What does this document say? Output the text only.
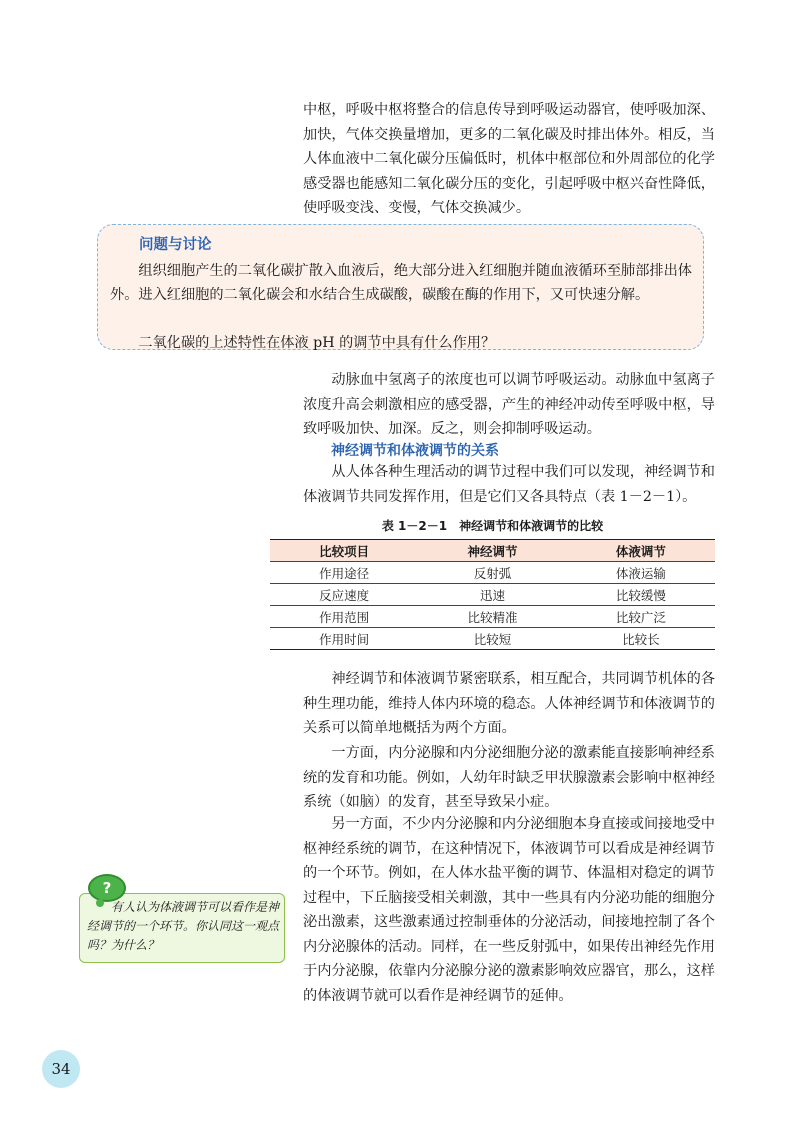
中枢，呼吸中枢将整合的信息传导到呼吸运动器官，使呼吸加深、加快，气体交换量增加，更多的二氧化碳及时排出体外。相反，当人体血液中二氧化碳分压偏低时，机体中枢部位和外周部位的化学感受器也能感知二氧化碳分压的变化，引起呼吸中枢兴奋性降低，使呼吸变浅、变慢，气体交换减少。

问题与讨论

组织细胞产生的二氧化碳扩散入血液后，绝大部分进入红细胞并随血液循环至肺部排出体外。进入红细胞的二氧化碳会和水结合生成碳酸，碳酸在酶的作用下，又可快速分解。

二氧化碳的上述特性在体液 pH 的调节中具有什么作用？

动脉血中氢离子的浓度也可以调节呼吸运动。动脉血中氢离子浓度升高会刺激相应的感受器，产生的神经冲动传至呼吸中枢，导致呼吸加快、加深。反之，则会抑制呼吸运动。

神经调节和体液调节的关系

从人体各种生理活动的调节过程中我们可以发现，神经调节和体液调节共同发挥作用，但是它们又各具特点（表 1－2－1）。

表 1－2－1　神经调节和体液调节的比较

比较项目	神经调节	体液调节
作用途径	反射弧	体液运输
反应速度	迅速	比较缓慢
作用范围	比较精准	比较广泛
作用时间	比较短	比较长

神经调节和体液调节紧密联系，相互配合，共同调节机体的各种生理功能，维持人体内环境的稳态。人体神经调节和体液调节的关系可以简单地概括为两个方面。

一方面，内分泌腺和内分泌细胞分泌的激素能直接影响神经系统的发育和功能。例如，人幼年时缺乏甲状腺激素会影响中枢神经系统（如脑）的发育，甚至导致呆小症。

另一方面，不少内分泌腺和内分泌细胞本身直接或间接地受中枢神经系统的调节，在这种情况下，体液调节可以看成是神经调节的一个环节。例如，在人体水盐平衡的调节、体温相对稳定的调节过程中，下丘脑接受相关刺激，其中一些具有内分泌功能的细胞分泌出激素，这些激素通过控制垂体的分泌活动，间接地控制了各个内分泌腺体的活动。同样，在一些反射弧中，如果传出神经先作用于内分泌腺，依靠内分泌腺分泌的激素影响效应器官，那么，这样的体液调节就可以看作是神经调节的延伸。

?

有人认为体液调节可以看作是神经调节的一个环节。你认同这一观点吗？为什么？

34
